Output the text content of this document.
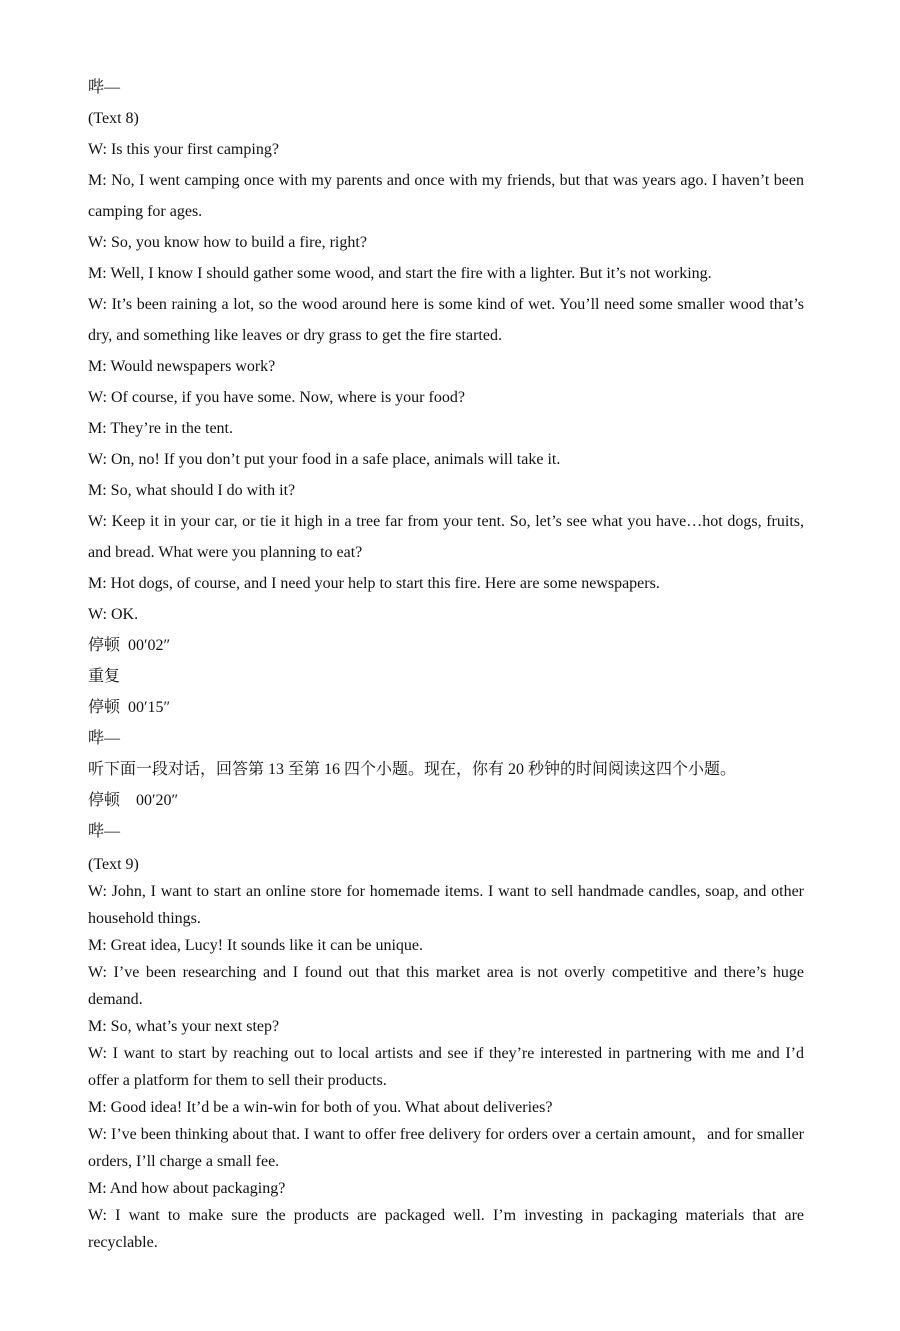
哔—

(Text 8)

W: Is this your first camping?

M: No, I went camping once with my parents and once with my friends, but that was years ago. I haven’t been camping for ages.

W: So, you know how to build a fire, right?

M: Well, I know I should gather some wood, and start the fire with a lighter. But it’s not working.

W: It’s been raining a lot, so the wood around here is some kind of wet. You’ll need some smaller wood that’s dry, and something like leaves or dry grass to get the fire started.

M: Would newspapers work?

W: Of course, if you have some. Now, where is your food?

M: They’re in the tent.

W: On, no! If you don’t put your food in a safe place, animals will take it.

M: So, what should I do with it?

W: Keep it in your car, or tie it high in a tree far from your tent. So, let’s see what you have…hot dogs, fruits, and bread. What were you planning to eat?

M: Hot dogs, of course, and I need your help to start this fire. Here are some newspapers.

W: OK.

停顿  00′02″

重复

停顿  00′15″

哔—

听下面一段对话，回答第 13 至第 16 四个小题。现在，你有 20 秒钟的时间阅读这四个小题。

停顿    00′20″

哔—

(Text 9)

W: John, I want to start an online store for homemade items. I want to sell handmade candles, soap, and other household things.

M: Great idea, Lucy! It sounds like it can be unique.

W: I’ve been researching and I found out that this market area is not overly competitive and there’s huge demand.

M: So, what’s your next step?

W: I want to start by reaching out to local artists and see if they’re interested in partnering with me and I’d offer a platform for them to sell their products.

M: Good idea! It’d be a win-win for both of you. What about deliveries?

W: I’ve been thinking about that. I want to offer free delivery for orders over a certain amount，and for smaller orders, I’ll charge a small fee.

M: And how about packaging?

W: I want to make sure the products are packaged well. I’m investing in packaging materials that are recyclable.
